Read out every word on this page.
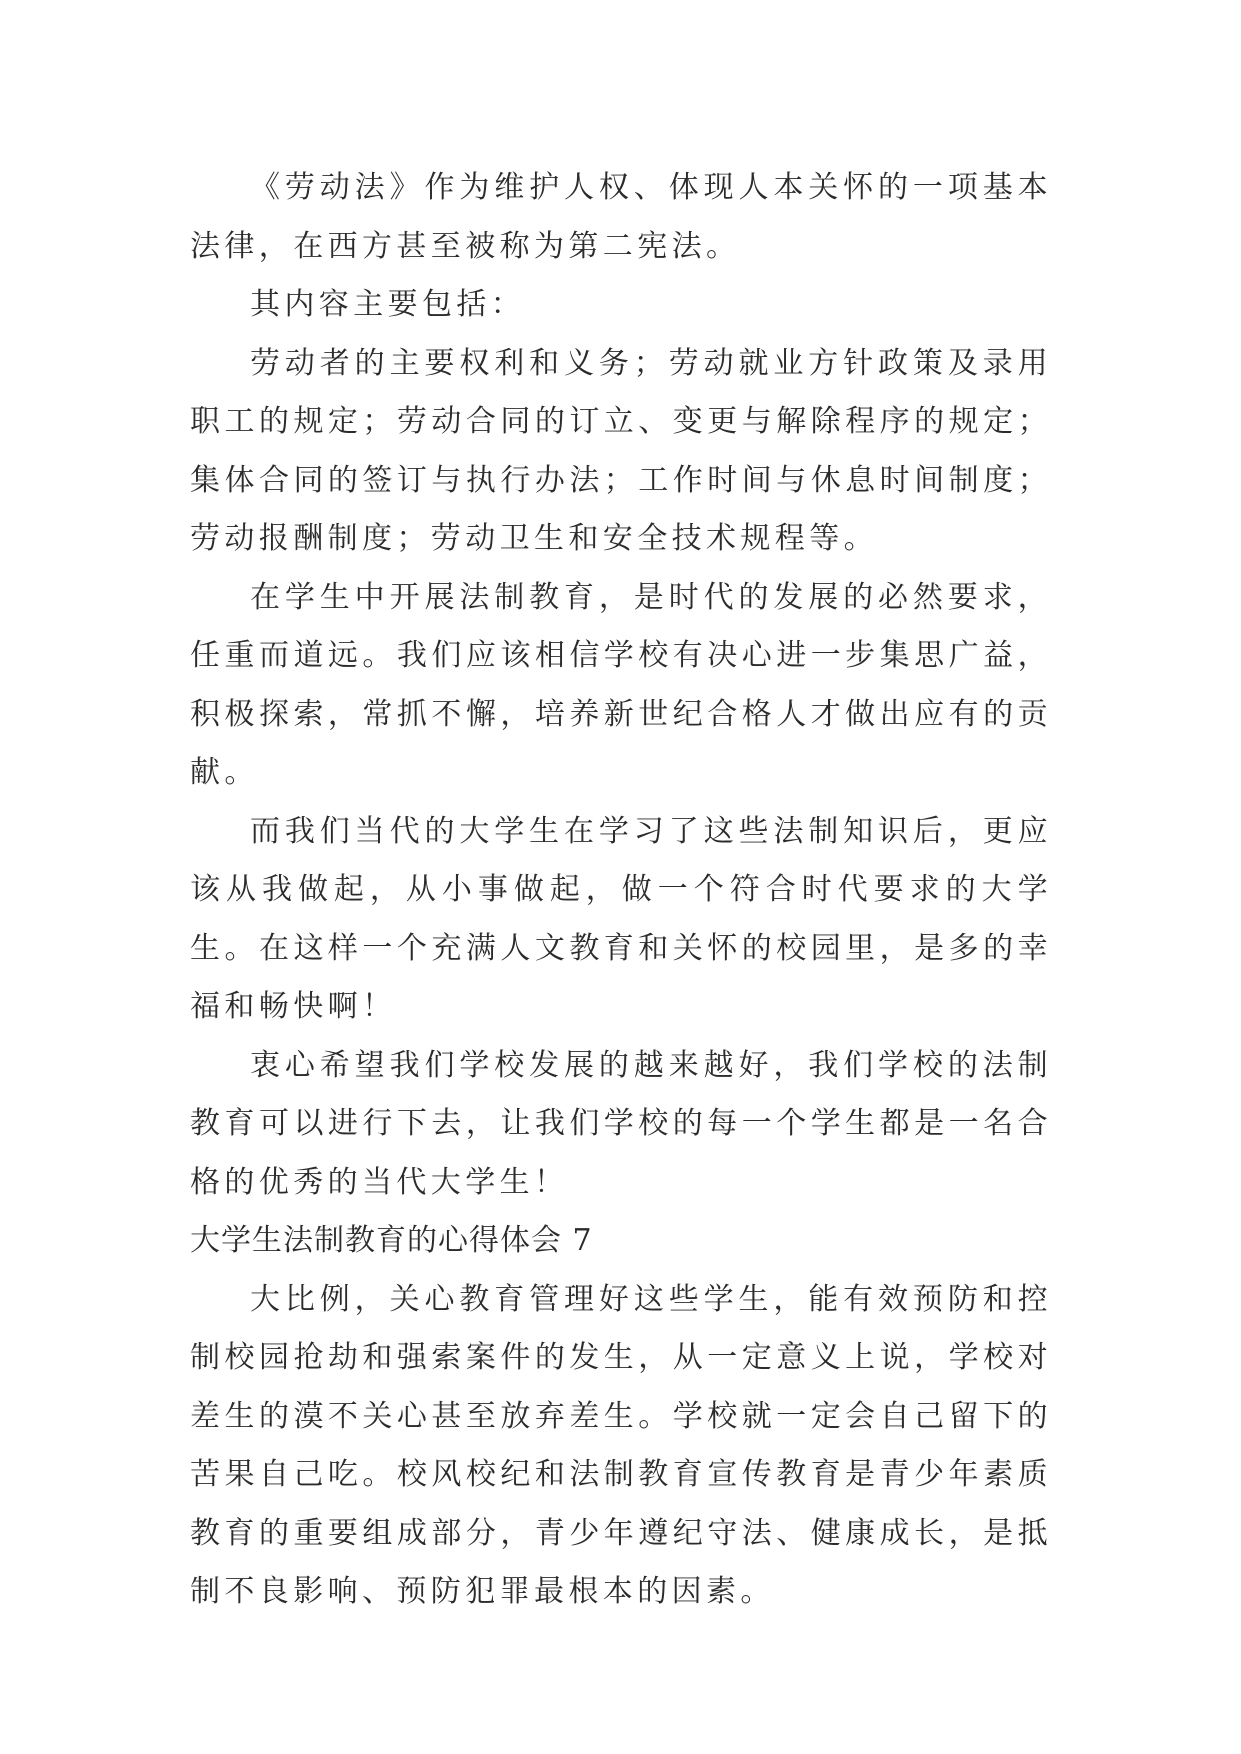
《劳动法》作为维护人权、体现人本关怀的一项基本法律，在西方甚至被称为第二宪法。

其内容主要包括：

劳动者的主要权利和义务；劳动就业方针政策及录用职工的规定；劳动合同的订立、变更与解除程序的规定；集体合同的签订与执行办法；工作时间与休息时间制度；劳动报酬制度；劳动卫生和安全技术规程等。

在学生中开展法制教育，是时代的发展的必然要求，任重而道远。我们应该相信学校有决心进一步集思广益，积极探索，常抓不懈，培养新世纪合格人才做出应有的贡献。

而我们当代的大学生在学习了这些法制知识后，更应该从我做起，从小事做起，做一个符合时代要求的大学生。在这样一个充满人文教育和关怀的校园里，是多的幸福和畅快啊！

衷心希望我们学校发展的越来越好，我们学校的法制教育可以进行下去，让我们学校的每一个学生都是一名合格的优秀的当代大学生！

大学生法制教育的心得体会 7

大比例，关心教育管理好这些学生，能有效预防和控制校园抢劫和强索案件的发生，从一定意义上说，学校对差生的漠不关心甚至放弃差生。学校就一定会自己留下的苦果自己吃。校风校纪和法制教育宣传教育是青少年素质教育的重要组成部分，青少年遵纪守法、健康成长，是抵制不良影响、预防犯罪最根本的因素。
